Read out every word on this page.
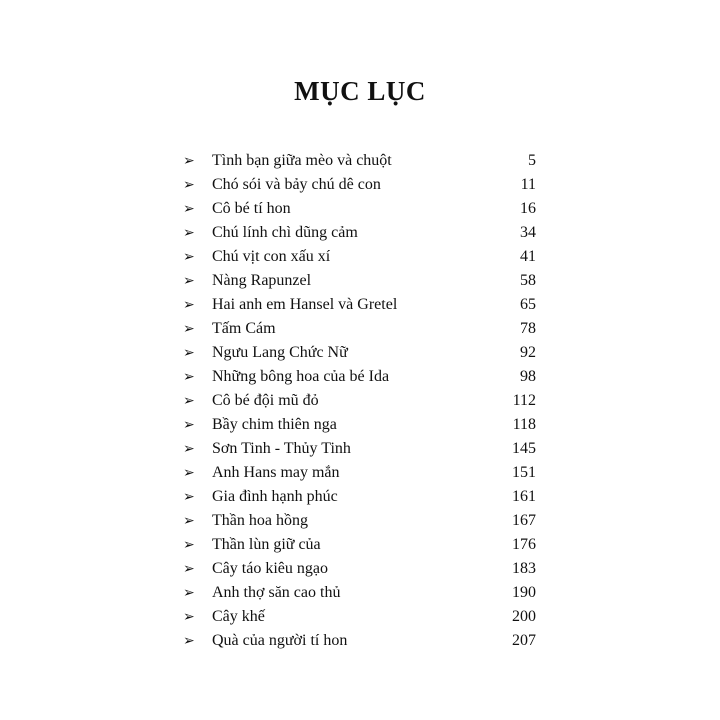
MỤC LỤC
➢ Tình bạn giữa mèo và chuột	5
➢ Chó sói và bảy chú dê con	11
➢ Cô bé tí hon	16
➢ Chú lính chì dũng cảm	34
➢ Chú vịt con xấu xí	41
➢ Nàng Rapunzel	58
➢ Hai anh em Hansel và Gretel	65
➢ Tấm Cám	78
➢ Ngưu Lang Chức Nữ	92
➢ Những bông hoa của bé Ida	98
➢ Cô bé đội mũ đỏ	112
➢ Bầy chim thiên nga	118
➢ Sơn Tinh - Thủy Tinh	145
➢ Anh Hans may mắn	151
➢ Gia đình hạnh phúc	161
➢ Thần hoa hồng	167
➢ Thần lùn giữ của	176
➢ Cây táo kiêu ngạo	183
➢ Anh thợ săn cao thủ	190
➢ Cây khế	200
➢ Quà của người tí hon	207
